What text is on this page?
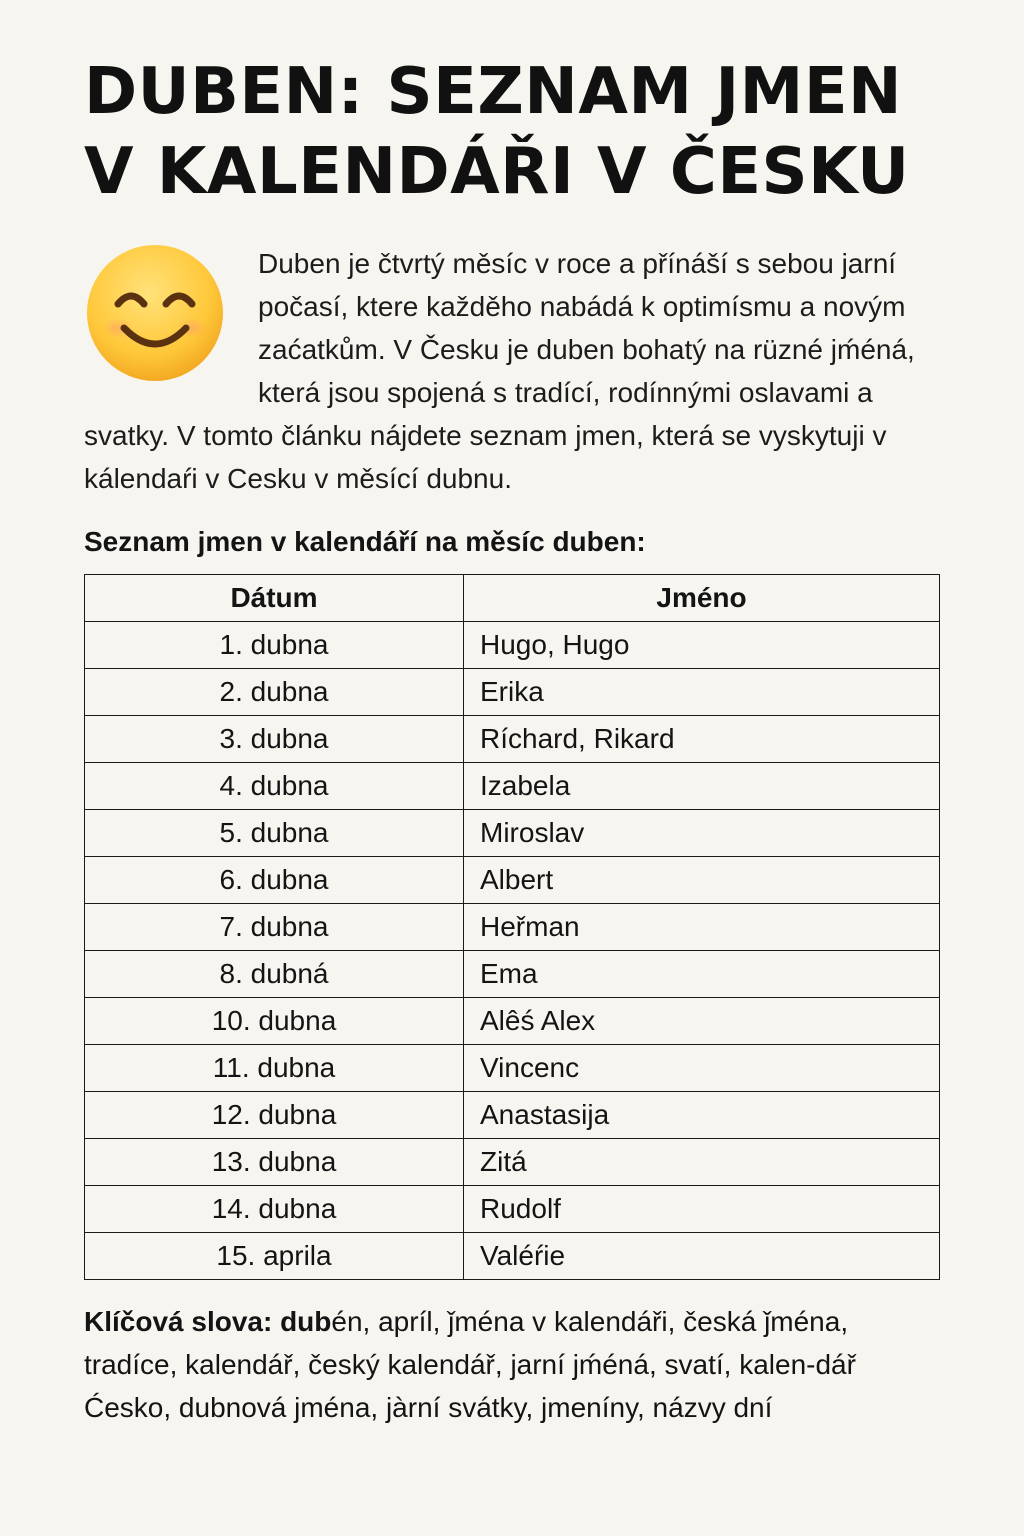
DUBEN: SEZNAM JMEN
V KALENDÁŘI V ČESKU
Duben je čtvrtý měsíc v roce a přínáší s sebou jarní počasí, ktere každěho nabádá k optimísmu a novým zaćatkům. V Česku je duben bohatý na rüzné jḿéná, která jsou spojená s tradící, rodínnými oslavami a svatky. V tomto článku nájdete seznam jmen, která se vyskytuji v kálendaŕi v Cesku v měsící dubnu.
Seznam jmen v kalendáří na měsíc duben:
Dátum	Jméno
1. dubna	Hugo, Hugo
2. dubna	Erika
3. dubna	Ríchard, Rikard
4. dubna	Izabela
5. dubna	Miroslav
6. dubna	Albert
7. dubna	Heřman
8. dubná	Ema
10. dubna	Alêś Alex
11. dubna	Vincenc
12. dubna	Anastasija
13. dubna	Zitá
14. dubna	Rudolf
15. aprila	Valéŕie
Klíčová slova: dubén, apríl, ǰména v kalendáři, česká ǰména, tradíce, kalendář, český kalendář, jarní jḿéná, svatí, kalen-dář Ćesko, dubnová jména, jàrní svátky, jmeníny, názvy dní
